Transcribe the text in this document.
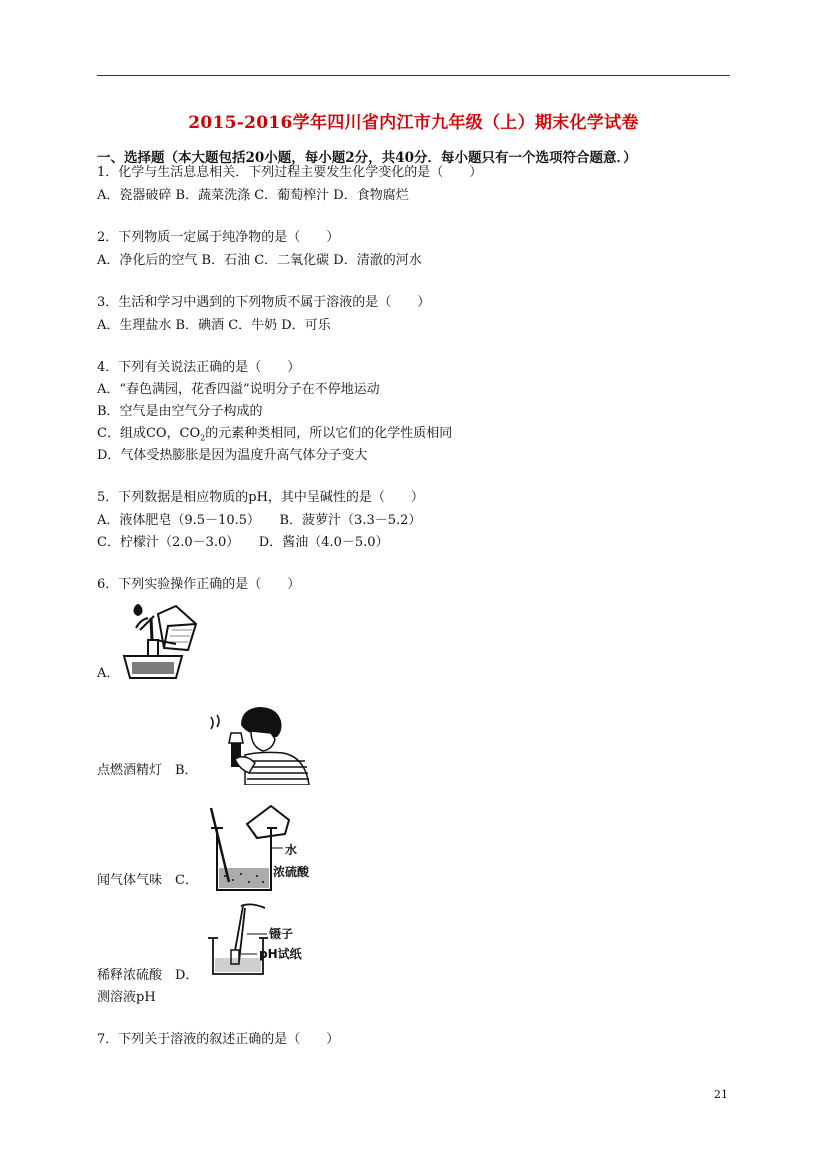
2015-2016学年四川省内江市九年级（上）期末化学试卷
一、选择题（本大题包括20小题，每小题2分，共40分．每小题只有一个选项符合题意．）
1．化学与生活息息相关．下列过程主要发生化学变化的是（　　）
A．瓷器破碎 B．蔬菜洗涤 C．葡萄榨汁 D．食物腐烂
2．下列物质一定属于纯净物的是（　　）
A．净化后的空气 B．石油 C．二氧化碳 D．清澈的河水
3．生活和学习中遇到的下列物质不属于溶液的是（　　）
A．生理盐水 B．碘酒 C．牛奶 D．可乐
4．下列有关说法正确的是（　　）
A．“春色满园，花香四溢”说明分子在不停地运动
B．空气是由空气分子构成的
C．组成CO，$CO_2$的元素种类相同，所以它们的化学性质相同
D．气体受热膨胀是因为温度升高气体分子变大
5．下列数据是相应物质的pH，其中呈碱性的是（　　）
A．液体肥皂（9.5－10.5）　　B．菠萝汁（3.3－5.2）
C．柠檬汁（2.0－3.0）　　D．酱油（4.0－5.0）
6．下列实验操作正确的是（　　）
A．
点燃酒精灯　B．
水
浓硫酸
闻气体气味　C．
镊子
pH试纸
稀释浓硫酸　D．
测溶液pH
7．下列关于溶液的叙述正确的是（　　）
21
